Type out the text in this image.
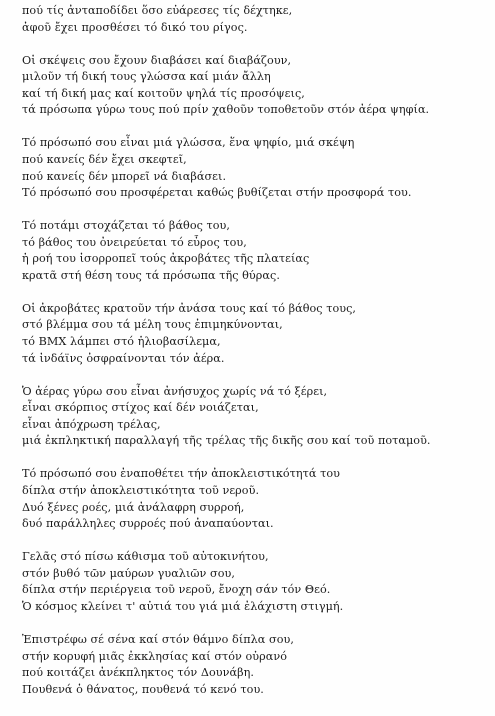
πού τίς ἀνταποδίδει ὅσο εὐάρεσες τίς δέχτηκε,
ἀφοῦ ἔχει προσθέσει τό δικό του ρίγος.
Οἱ σκέψεις σου ἔχουν διαβάσει καί διαβάζουν,
μιλοῦν τή δική τους γλώσσα καί μιάν ἄλλη
καί τή δική μας καί κοιτοῦν ψηλά τίς προσόψεις,
τά πρόσωπα γύρω τους πού πρίν χαθοῦν τοποθετοῦν στόν ἀέρα ψηφία.
Τό πρόσωπό σου εἶναι μιά γλώσσα, ἕνα ψηφίο, μιά σκέψη
πού κανείς δέν ἔχει σκεφτεῖ,
πού κανείς δέν μπορεῖ νά διαβάσει.
Τό πρόσωπό σου προσφέρεται καθώς βυθίζεται στήν προσφορά του.
Τό ποτάμι στοχάζεται τό βάθος του,
τό βάθος του ὀνειρεύεται τό εὖρος του,
ἡ ροή του ἰσορροπεῖ τούς ἀκροβάτες τῆς πλατείας
κρατᾶ στή θέση τους τά πρόσωπα τῆς θύρας.
Οἱ ἀκροβάτες κρατοῦν τήν ἀνάσα τους καί τό βάθος τους,
στό βλέμμα σου τά μέλη τους ἐπιμηκύνονται,
τό BMX λάμπει στό ἡλιοβασίλεμα,
τά ἰνδάϊνς ὀσφραίνονται τόν ἀέρα.
Ὁ ἀέρας γύρω σου εἶναι ἀνήσυχος χωρίς νά τό ξέρει,
εἶναι σκόρπιος στίχος καί δέν νοιάζεται,
εἶναι ἀπόχρωση τρέλας,
μιά ἐκπληκτική παραλλαγή τῆς τρέλας τῆς δικῆς σου καί τοῦ ποταμοῦ.
Τό πρόσωπό σου ἐναποθέτει τήν ἀποκλειστικότητά του
δίπλα στήν ἀποκλειστικότητα τοῦ νεροῦ.
Δυό ξένες ροές, μιά ἀνάλαφρη συρροή,
δυό παράλληλες συρροές πού ἀναπαύονται.
Γελᾶς στό πίσω κάθισμα τοῦ αὐτοκινήτου,
στόν βυθό τῶν μαύρων γυαλιῶν σου,
δίπλα στήν περιέργεια τοῦ νεροῦ, ἔνοχη σάν τόν Θεό.
Ὁ κόσμος κλείνει τ' αὐτιά του γιά μιά ἐλάχιστη στιγμή.
Ἐπιστρέφω σέ σένα καί στόν θάμνο δίπλα σου,
στήν κορυφή μιᾶς ἐκκλησίας καί στόν οὐρανό
πού κοιτάζει ἀνέκπληκτος τόν Δουνάβη.
Πουθενά ὁ θάνατος, πουθενά τό κενό του.
